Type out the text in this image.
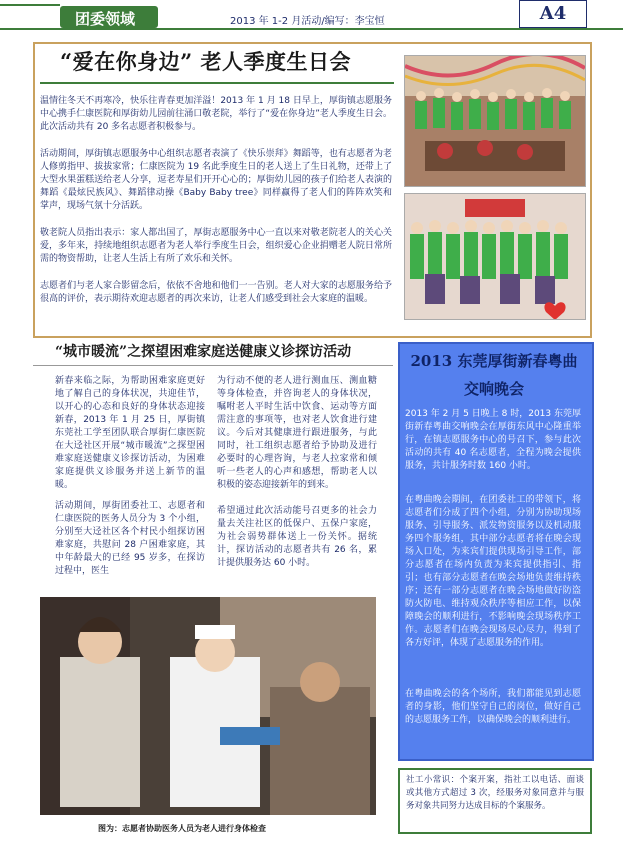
团委领域	2013 年 1-2 月活动/编写：李宝恒	A4
“爱在你身边” 老人季度生日会
温情往冬天不再寒冷，快乐往青春更加洋溢！2013 年 1 月 18 日早上，厚街镇志愿服务中心携手仁康医院和厚街幼儿园前往涌口敬老院，举行了“爱在你身边”老人季度生日会。此次活动共有 20 多名志愿者积极参与。
敬老院人员指出表示：家人都出国了，厚街志愿服务中心一直以来对敬老院老人的关心关爱，多年来，持续地组织志愿者为老人举行季度生日会，组织爱心企业捐赠老人院日常所需的物资帮助，让老人生活上有所了欢乐和关怀。
志愿者们与老人家合影留念后，依依不舍地和他们一一告别。老人对大家的志愿服务给予很高的评价，表示期待欢迎志愿者的再次来访，让老人们感受到社会大家庭的温暖。
“城市暖流”之探望困难家庭送健康义诊探访活动
新春来临之际，为帮助困难家庭更好地了解自己的身体状况，共迎佳节，以开心的心态和良好的身体状态迎接新春，2013 年 1 月 25 日，厚街镇东莞社工学至团队联合厚街仁康医院在大迳社区开展“城市暖流”之探望困难家庭送健康义诊探访活动，为困难家庭提供义诊服务并送上新节的温暖。
活动期间，厚街团委社工、志愿者和仁康医院的医务人员分为 3 个小组，分别至大迳社区各个村民小组探访困难家庭，共慰问 28 户困难家庭，其中年龄最大的已经 95 岁多，在探访过程中，医生
为行动不便的老人进行测血压、测血糖等身体检查，并咨询老人的身体状况，嘱咐老人平时生活中饮食、运动等方面需注意的事项等，也对老人饮食进行建议。今后对其健康进行跟进服务，与此同时，社工组织志愿者给予协助及进行必要时的心理咨询，与老人拉家常和倾听一些老人的心声和感想，帮助老人以积极的姿态迎接新年的到来。
希望通过此次活动能号召更多的社会力量去关注社区的低保户、五保户家庭，为社会弱势群体送上一份关怀。据统计，探访活动的志愿者共有 26 名，累计提供服务达 60 小时。
图为：志愿者协助医务人员为老人进行身体检查
2013 东莞厚街新春粤曲交响晚会
2013 年 2 月 5 日晚上 8 时，2013 东莞厚街新春粤曲交响晚会在厚街东风中心隆重举行，在镇志愿服务中心的号召下，参与此次活动的共有 40 名志愿者，全程为晚会提供服务，共计服务时数 160 小时。
在粤曲晚会期间，在团委社工的带领下，将志愿者们分成了四个小组，分别为协助现场服务、引导服务、派发物资服务以及机动服务四个服务组，其中部分志愿者将在晚会现场入口处，为来宾们提供现场引导工作，部分志愿者在场内负责为来宾提供指引、指引；也有部分志愿者在晚会场地负责维持秩序；还有一部分志愿者在晚会场地做好防盗防火防电、维持观众秩序等相应工作，以保障晚会的顺利进行，不影响晚会现场秩序工作。志愿者们在晚会现场尽心尽力，得到了各方好评，体现了志愿服务的作用。
在粤曲晚会的各个场所，我们都能见到志愿者的身影，他们坚守自己的岗位，做好自己的志愿服务工作，以确保晚会的顺利进行。
社工小常识：个案开案，指社工以电话、面谈或其他方式超过 3 次，经服务对象同意并与服务对象共同努力达成目标的个案服务。
活动期间，厚街镇志愿服务中心组织志愿者表演了《快乐崇拜》舞蹈等，也有志愿者为老人修剪指甲、拔拔家常；仁康医院为 19 名此季度生日的老人送上了生日礼物，还带上了大型水果蛋糕送给老人分享，逗老寿星们开开心心的；厚街幼儿园的孩子们给老人表演的舞蹈《最炫民族风》、舞蹈律动操《Baby Baby tree》同样赢得了老人们的阵阵欢笑和掌声，现场气氛十分活跃。
